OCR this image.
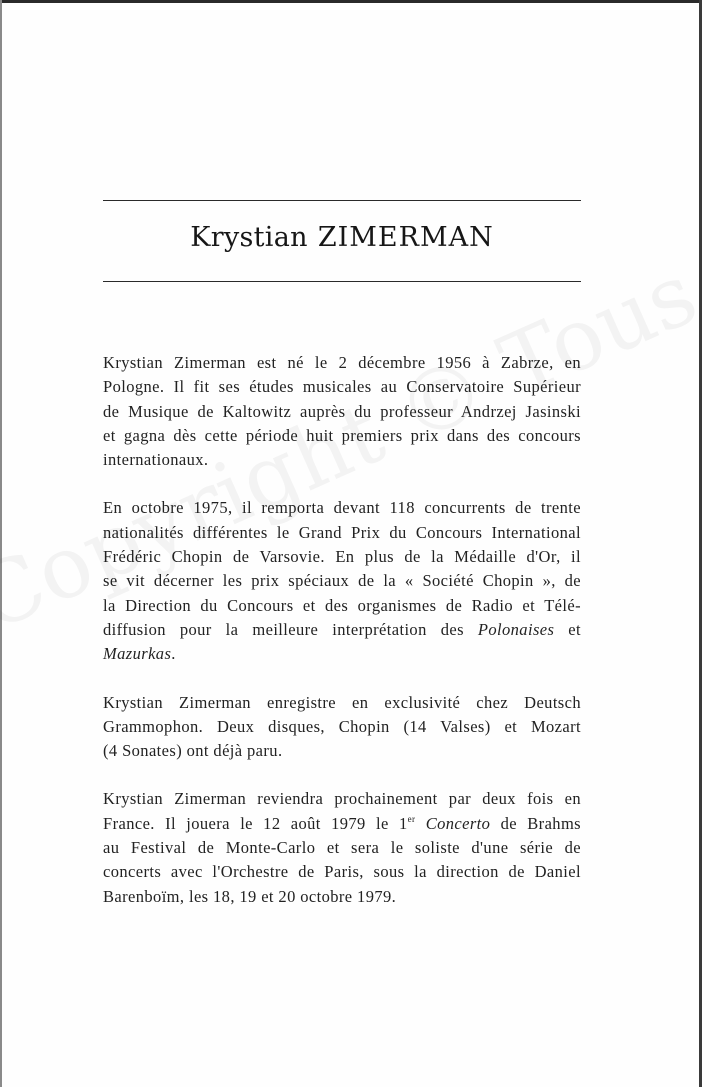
Krystian ZIMERMAN

Krystian Zimerman est né le 2 décembre 1956 à Zabrze, en
Pologne. Il fit ses études musicales au Conservatoire Supérieur
de Musique de Kaltowitz auprès du professeur Andrzej Jasinski
et gagna dès cette période huit premiers prix dans des concours
internationaux.

En octobre 1975, il remporta devant 118 concurrents de trente
nationalités différentes le Grand Prix du Concours International
Frédéric Chopin de Varsovie. En plus de la Médaille d'Or, il
se vit décerner les prix spéciaux de la « Société Chopin », de
la Direction du Concours et des organismes de Radio et Télé-
diffusion pour la meilleure interprétation des Polonaises et
Mazurkas.

Krystian Zimerman enregistre en exclusivité chez Deutsch
Grammophon. Deux disques, Chopin (14 Valses) et Mozart
(4 Sonates) ont déjà paru.

Krystian Zimerman reviendra prochainement par deux fois en
France. Il jouera le 12 août 1979 le 1er Concerto de Brahms
au Festival de Monte-Carlo et sera le soliste d'une série de
concerts avec l'Orchestre de Paris, sous la direction de Daniel
Barenboïm, les 18, 19 et 20 octobre 1979.
